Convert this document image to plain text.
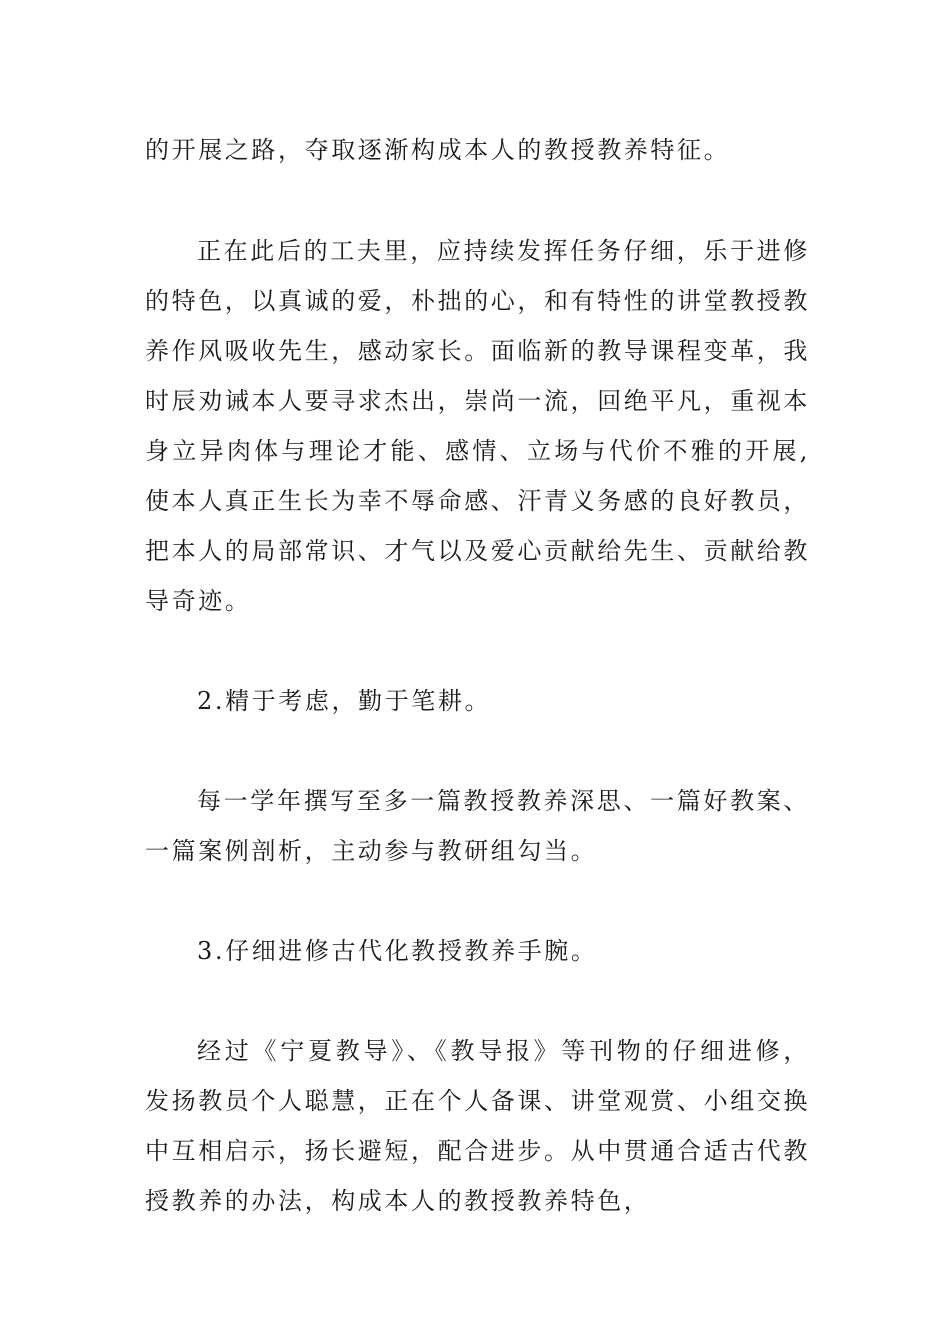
的开展之路，夺取逐渐构成本人的教授教养特征。

正在此后的工夫里，应持续发挥任务仔细，乐于进修的特色，以真诚的爱，朴拙的心，和有特性的讲堂教授教养作风吸收先生，感动家长。面临新的教导课程变革，我时辰劝诫本人要寻求杰出，崇尚一流，回绝平凡，重视本身立异肉体与理论才能、感情、立场与代价不雅的开展,使本人真正生长为幸不辱命感、汗青义务感的良好教员，把本人的局部常识、才气以及爱心贡献给先生、贡献给教导奇迹。

2.精于考虑，勤于笔耕。

每一学年撰写至多一篇教授教养深思、一篇好教案、一篇案例剖析，主动参与教研组勾当。

3.仔细进修古代化教授教养手腕。

经过《宁夏教导》、《教导报》等刊物的仔细进修，发扬教员个人聪慧，正在个人备课、讲堂观赏、小组交换中互相启示，扬长避短，配合进步。从中贯通合适古代教授教养的办法，构成本人的教授教养特色，
